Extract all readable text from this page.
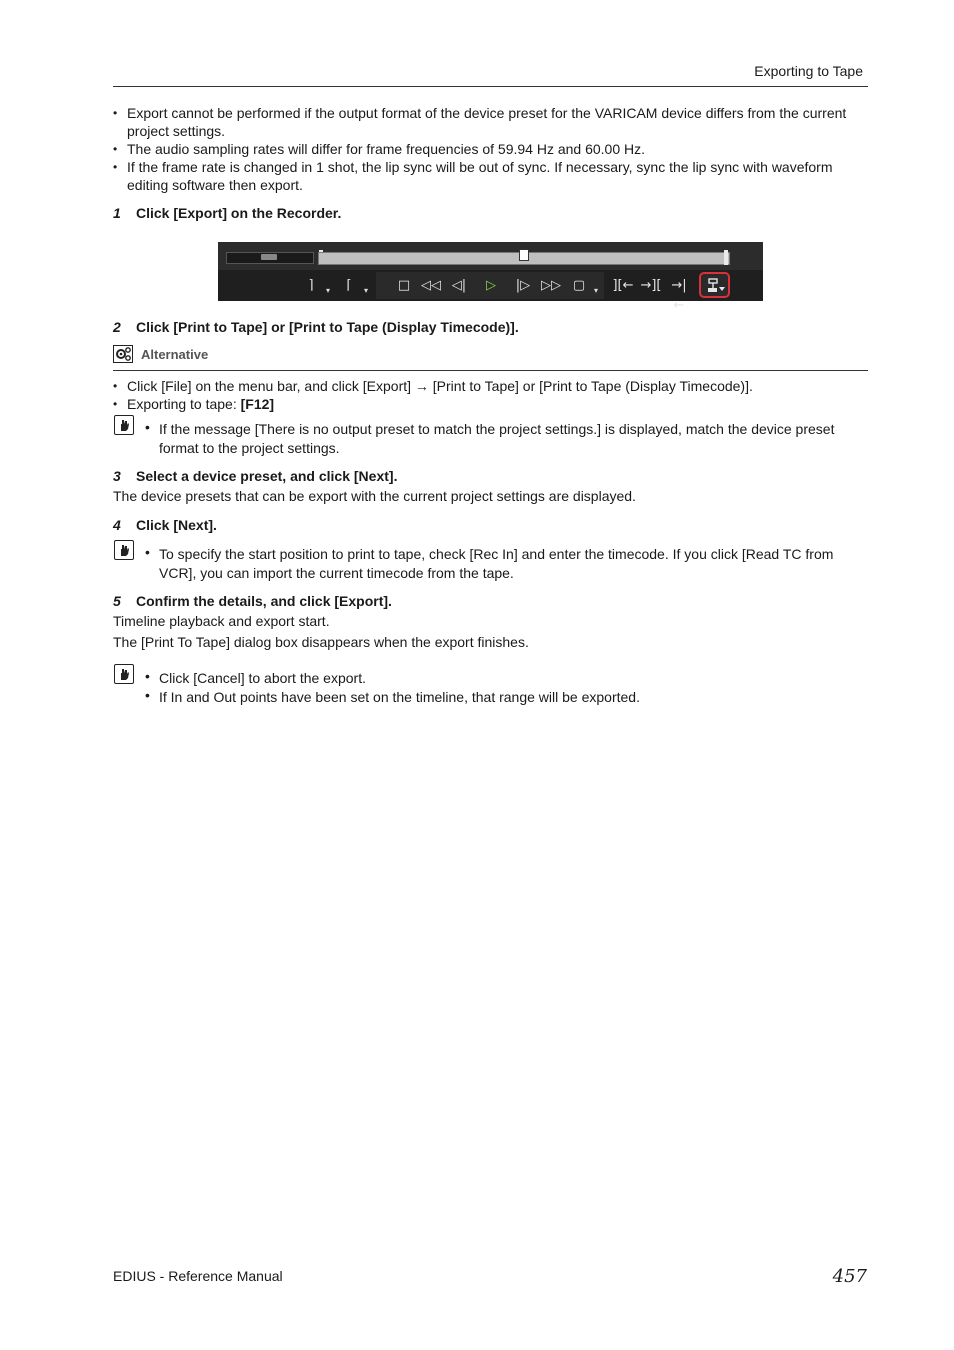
Exporting to Tape
• Export cannot be performed if the output format of the device preset for the VARICAM device differs from the current project settings.
• The audio sampling rates will differ for frame frequencies of 59.94 Hz and 60.00 Hz.
• If the frame rate is changed in 1 shot, the lip sync will be out of sync. If necessary, sync the lip sync with waveform editing software then export.
1 Click [Export] on the Recorder.
⌉ ▾	⌈ ▾	□ ◁◁ ◁|	▷	|▷ ▷▷ ▢ ▾	][← →][ →|←
2 Click [Print to Tape] or [Print to Tape (Display Timecode)].
Alternative
• Click [File] on the menu bar, and click [Export] → [Print to Tape] or [Print to Tape (Display Timecode)].
• Exporting to tape: [F12]
• If the message [There is no output preset to match the project settings.] is displayed, match the device preset format to the project settings.
3 Select a device preset, and click [Next].
The device presets that can be export with the current project settings are displayed.
4 Click [Next].
• To specify the start position to print to tape, check [Rec In] and enter the timecode. If you click [Read TC from VCR], you can import the current timecode from the tape.
5 Confirm the details, and click [Export].
Timeline playback and export start.
The [Print To Tape] dialog box disappears when the export finishes.
• Click [Cancel] to abort the export.
• If In and Out points have been set on the timeline, that range will be exported.
EDIUS - Reference Manual	457
